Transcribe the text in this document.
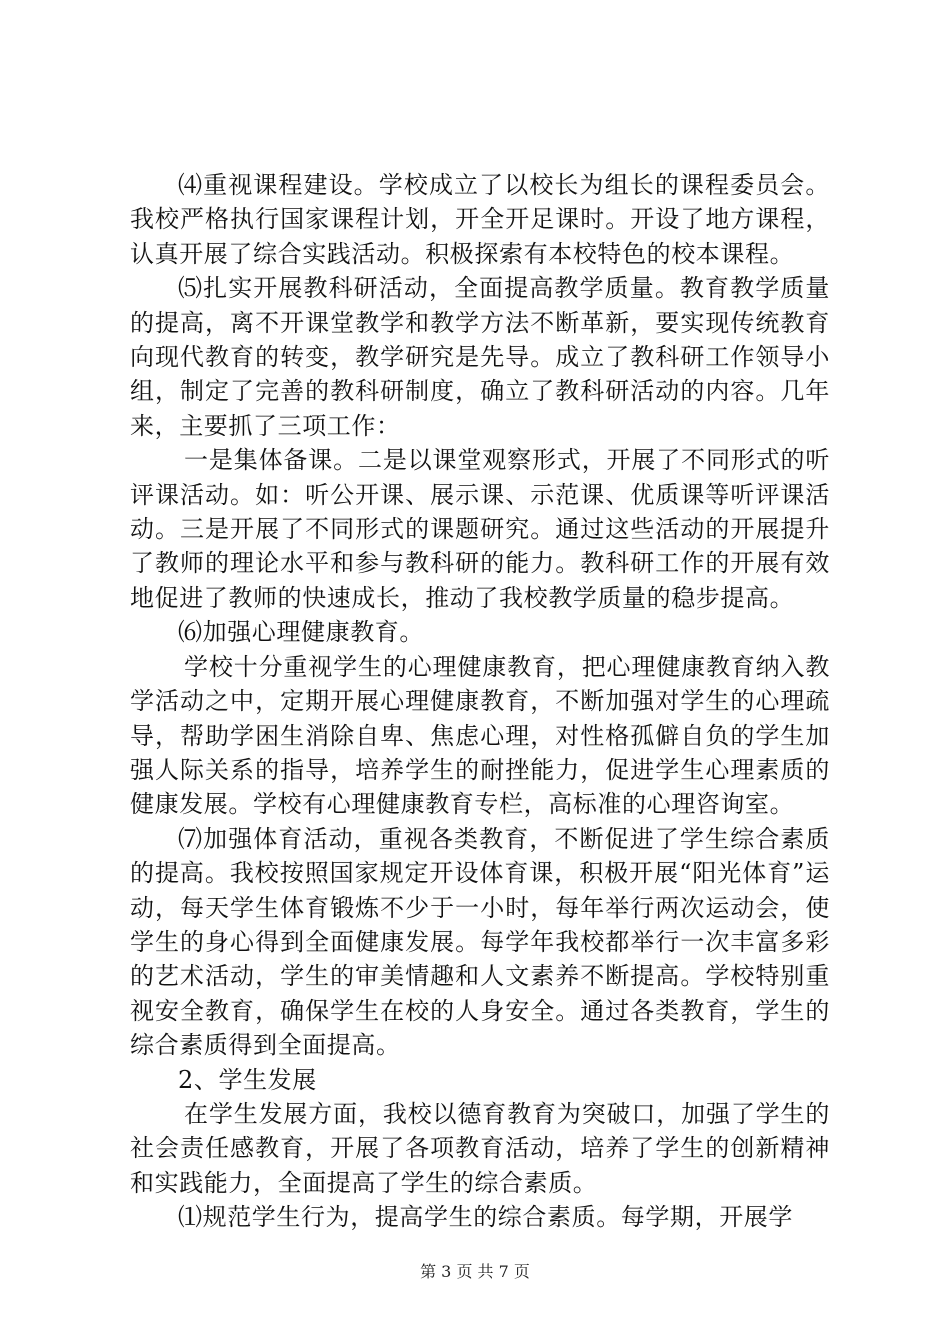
⑷重视课程建设。学校成立了以校长为组长的课程委员会。我校严格执行国家课程计划，开全开足课时。开设了地方课程，认真开展了综合实践活动。积极探索有本校特色的校本课程。

⑸扎实开展教科研活动，全面提高教学质量。教育教学质量的提高，离不开课堂教学和教学方法不断革新，要实现传统教育向现代教育的转变，教学研究是先导。成立了教科研工作领导小组，制定了完善的教科研制度，确立了教科研活动的内容。几年来，主要抓了三项工作：

一是集体备课。二是以课堂观察形式，开展了不同形式的听评课活动。如：听公开课、展示课、示范课、优质课等听评课活动。三是开展了不同形式的课题研究。通过这些活动的开展提升了教师的理论水平和参与教科研的能力。教科研工作的开展有效地促进了教师的快速成长，推动了我校教学质量的稳步提高。

⑹加强心理健康教育。

学校十分重视学生的心理健康教育，把心理健康教育纳入教学活动之中，定期开展心理健康教育，不断加强对学生的心理疏导，帮助学困生消除自卑、焦虑心理，对性格孤僻自负的学生加强人际关系的指导，培养学生的耐挫能力，促进学生心理素质的健康发展。学校有心理健康教育专栏，高标准的心理咨询室。

⑺加强体育活动，重视各类教育，不断促进了学生综合素质的提高。我校按照国家规定开设体育课，积极开展“阳光体育”运动，每天学生体育锻炼不少于一小时，每年举行两次运动会，使学生的身心得到全面健康发展。每学年我校都举行一次丰富多彩的艺术活动，学生的审美情趣和人文素养不断提高。学校特别重视安全教育，确保学生在校的人身安全。通过各类教育，学生的综合素质得到全面提高。

2、学生发展

在学生发展方面，我校以德育教育为突破口，加强了学生的社会责任感教育，开展了各项教育活动，培养了学生的创新精神和实践能力，全面提高了学生的综合素质。

⑴规范学生行为，提高学生的综合素质。每学期，开展学

第 3 页 共 7 页
